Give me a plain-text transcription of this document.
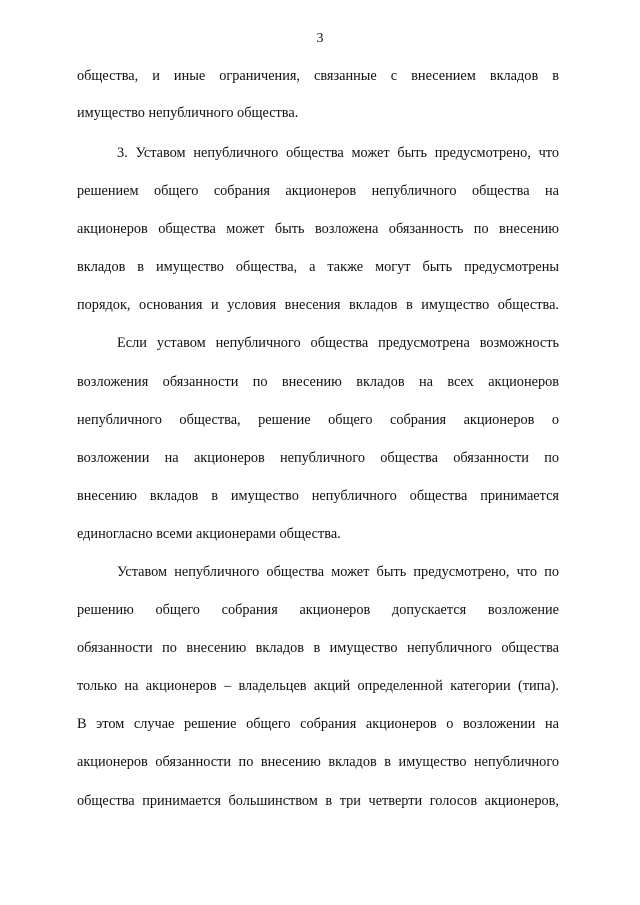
3
общества, и иные ограничения, связанные с внесением вкладов в
имущество непубличного общества.
3. Уставом непубличного общества может быть предусмотрено, что
решением общего собрания акционеров непубличного общества на
акционеров общества может быть возложена обязанность по внесению
вкладов в имущество общества, а также могут быть предусмотрены
порядок, основания и условия внесения вкладов в имущество общества.
Если уставом непубличного общества предусмотрена возможность
возложения обязанности по внесению вкладов на всех акционеров
непубличного общества, решение общего собрания акционеров о
возложении на акционеров непубличного общества обязанности по
внесению вкладов в имущество непубличного общества принимается
единогласно всеми акционерами общества.
Уставом непубличного общества может быть предусмотрено, что по
решению общего собрания акционеров допускается возложение
обязанности по внесению вкладов в имущество непубличного общества
только на акционеров – владельцев акций определенной категории (типа).
В этом случае решение общего собрания акционеров о возложении на
акционеров обязанности по внесению вкладов в имущество непубличного
общества принимается большинством в три четверти голосов акционеров,
